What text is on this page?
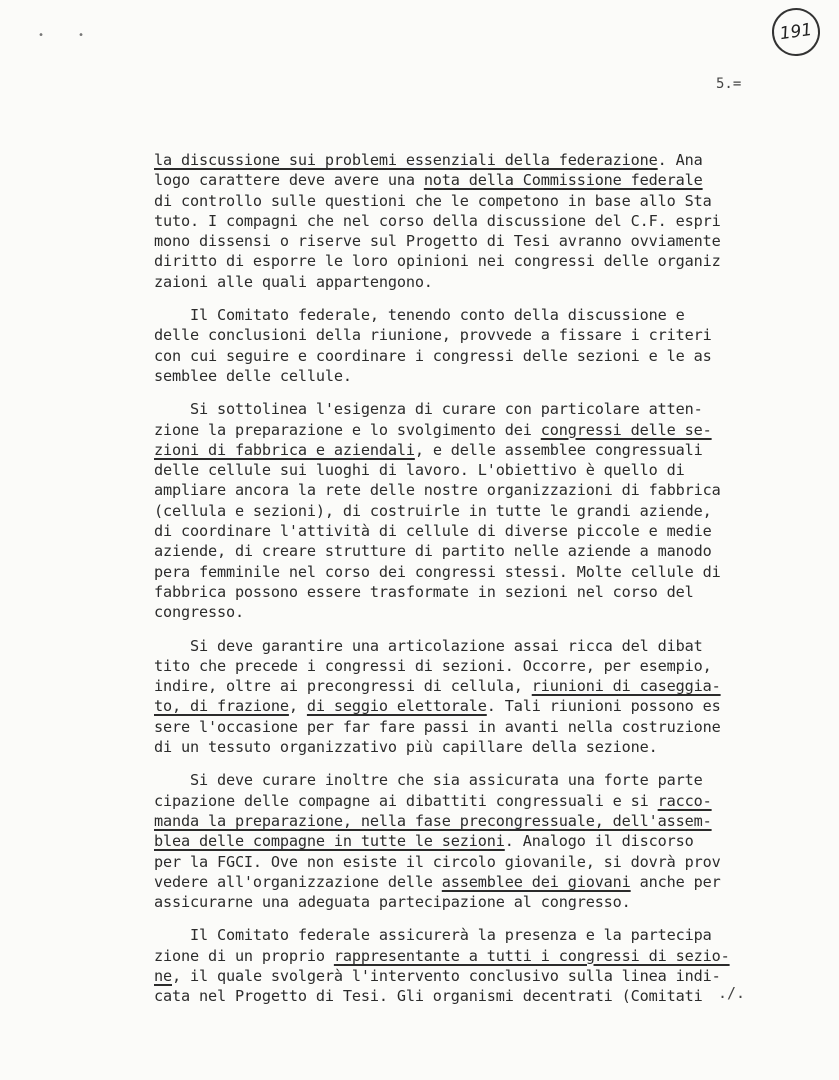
• •	191
5.=
la discussione sui problemi essenziali della federazione. Ana
logo carattere deve avere una nota della Commissione federale
di controllo sulle questioni che le competono in base allo Sta
tuto. I compagni che nel corso della discussione del C.F. espri
mono dissensi o riserve sul Progetto di Tesi avranno ovviamente
diritto di esporre le loro opinioni nei congressi delle organiz
zaioni alle quali appartengono.
Il Comitato federale, tenendo conto della discussione e
delle conclusioni della riunione, provvede a fissare i criteri
con cui seguire e coordinare i congressi delle sezioni e le as
semblee delle cellule.
Si sottolinea l'esigenza di curare con particolare atten-
zione la preparazione e lo svolgimento dei congressi delle se-
zioni di fabbrica e aziendali, e delle assemblee congressuali
delle cellule sui luoghi di lavoro. L'obiettivo è quello di
ampliare ancora la rete delle nostre organizzazioni di fabbrica
(cellula e sezioni), di costruirle in tutte le grandi aziende,
di coordinare l'attività di cellule di diverse piccole e medie
aziende, di creare strutture di partito nelle aziende a manodo
pera femminile nel corso dei congressi stessi. Molte cellule di
fabbrica possono essere trasformate in sezioni nel corso del
congresso.
Si deve garantire una articolazione assai ricca del dibat
tito che precede i congressi di sezioni. Occorre, per esempio,
indire, oltre ai precongressi di cellula, riunioni di caseggia-
to, di frazione, di seggio elettorale. Tali riunioni possono es
sere l'occasione per far fare passi in avanti nella costruzione
di un tessuto organizzativo più capillare della sezione.
Si deve curare inoltre che sia assicurata una forte parte
cipazione delle compagne ai dibattiti congressuali e si racco-
manda la preparazione, nella fase precongressuale, dell'assem-
blea delle compagne in tutte le sezioni. Analogo il discorso
per la FGCI. Ove non esiste il circolo giovanile, si dovrà prov
vedere all'organizzazione delle assemblee dei giovani anche per
assicurarne una adeguata partecipazione al congresso.
Il Comitato federale assicurerà la presenza e la partecipa
zione di un proprio rappresentante a tutti i congressi di sezio-
ne, il quale svolgerà l'intervento conclusivo sulla linea indi-
cata nel Progetto di Tesi. Gli organismi decentrati (Comitati	./.
